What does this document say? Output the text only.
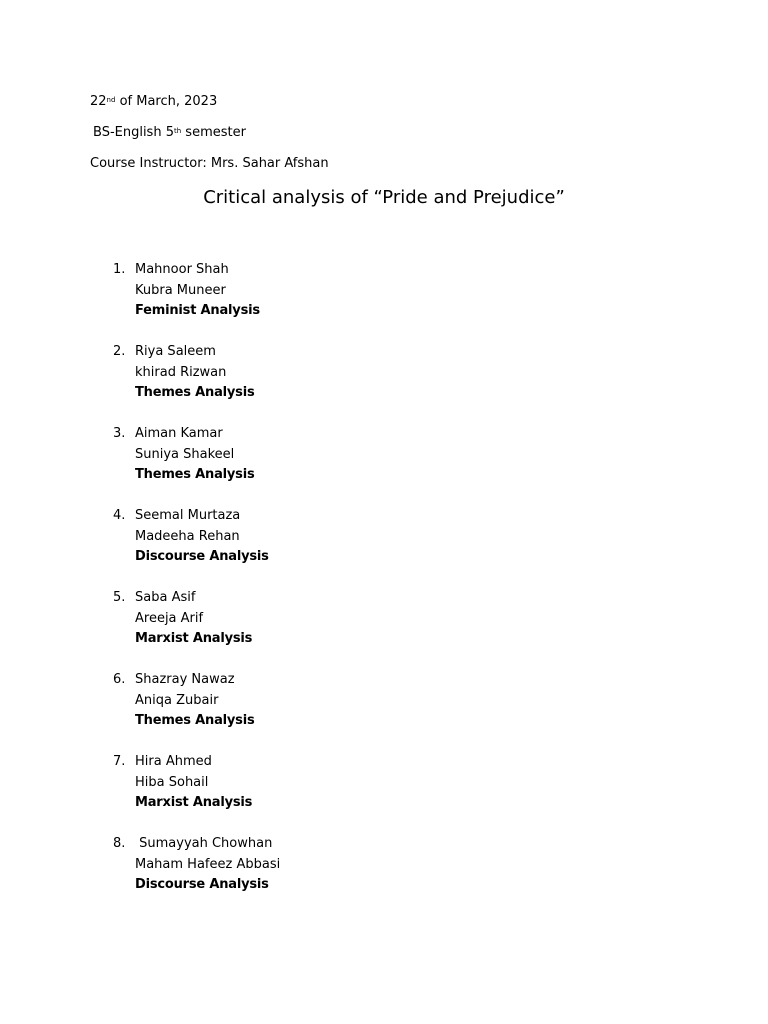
22nd of March, 2023
BS-English 5th semester
Course Instructor: Mrs. Sahar Afshan
Critical analysis of “Pride and Prejudice”
1. Mahnoor Shah
Kubra Muneer
Feminist Analysis
2. Riya Saleem
khirad Rizwan
Themes Analysis
3. Aiman Kamar
Suniya Shakeel
Themes Analysis
4. Seemal Murtaza
Madeeha Rehan
Discourse Analysis
5. Saba Asif
Areeja Arif
Marxist Analysis
6. Shazray Nawaz
Aniqa Zubair
Themes Analysis
7. Hira Ahmed
Hiba Sohail
Marxist Analysis
8. Sumayyah Chowhan
Maham Hafeez Abbasi
Discourse Analysis
